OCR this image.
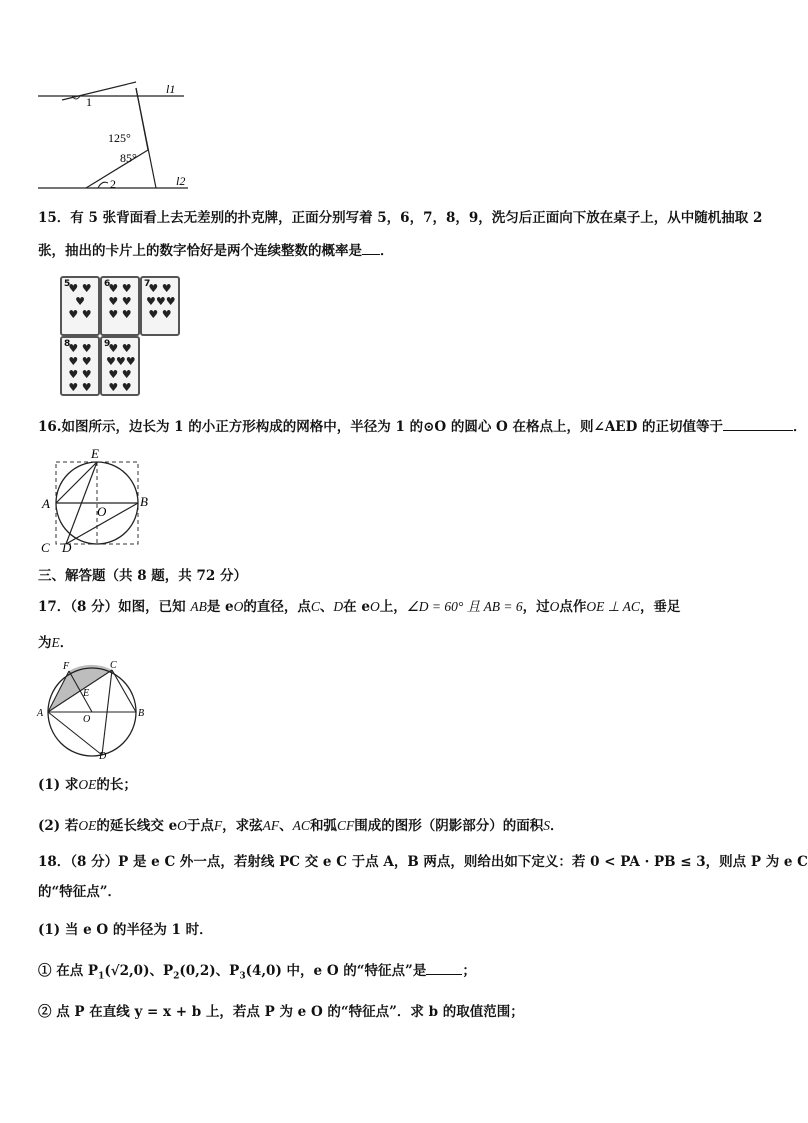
l1
l2
1
125°
85°
2
15．有 5 张背面看上去无差别的扑克牌，正面分别写着 5，6，7，8，9，洗匀后正面向下放在桌子上，从中随机抽取 2
张，抽出的卡片上的数字恰好是两个连续整数的概率是 ．
5
♥ ♥
♥
♥ ♥
6
♥ ♥
♥ ♥
♥ ♥
7
♥ ♥
♥♥♥
♥ ♥
8
♥ ♥
♥ ♥
♥ ♥
♥ ♥
9
♥ ♥
♥♥♥
♥ ♥
♥ ♥
16.如图所示，边长为 1 的小正方形构成的网格中，半径为 1 的⊙O 的圆心 O 在格点上，则∠AED 的正切值等于	．
E
A	B
O
C D
三、解答题（共 8 题，共 72 分）
17．（8 分）如图，已知 AB是 eO的直径，点C、D在 eO上，∠D = 60° 且 AB = 6，过O点作OE ⊥ AC，垂足
为E．
F	C
E
A
O
B
D
(1) 求OE的长；
(2) 若OE的延长线交 eO于点F，求弦AF、AC和弧CF围成的图形（阴影部分）的面积S．
18．（8 分）P 是 e C 外一点，若射线 PC 交 e C 于点 A，B 两点，则给出如下定义：若 0 < PA · PB ≤ 3，则点 P 为 e C
的“特征点”．
(1) 当 e O 的半径为 1 时．
① 在点 $P_1(√2,0)$、$P_2(0,2)$、$P_3(4,0)$ 中，e O 的“特征点”是	；
② 点 P 在直线 y = x + b 上，若点 P 为 e O 的“特征点”．求 b 的取值范围；
